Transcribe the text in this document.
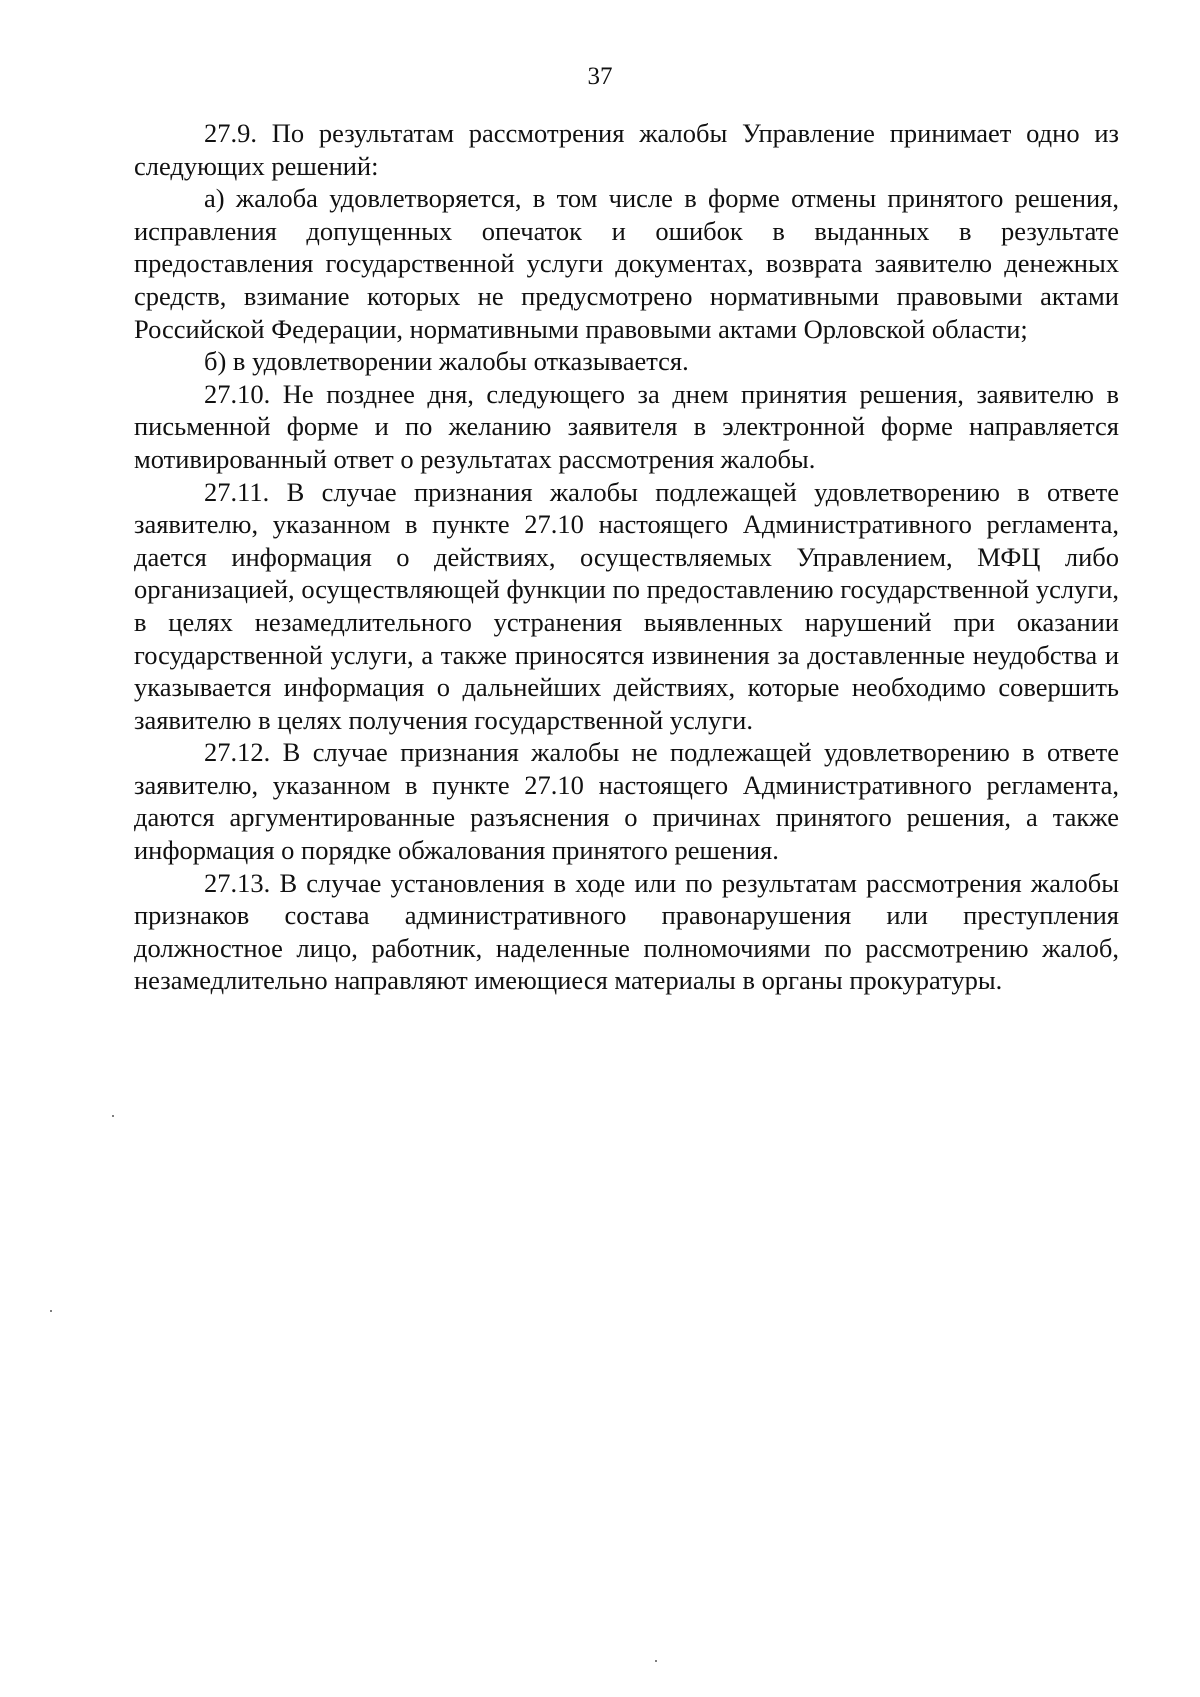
37

27.9. По результатам рассмотрения жалобы Управление принимает одно из следующих решений:

а) жалоба удовлетворяется, в том числе в форме отмены принятого решения, исправления допущенных опечаток и ошибок в выданных в результате предоставления государственной услуги документах, возврата заявителю денежных средств, взимание которых не предусмотрено нормативными правовыми актами Российской Федерации, нормативными правовыми актами Орловской области;

б) в удовлетворении жалобы отказывается.

27.10. Не позднее дня, следующего за днем принятия решения, заявителю в письменной форме и по желанию заявителя в электронной форме направляется мотивированный ответ о результатах рассмотрения жалобы.

27.11. В случае признания жалобы подлежащей удовлетворению в ответе заявителю, указанном в пункте 27.10 настоящего Административного регламента, дается информация о действиях, осуществляемых Управлением, МФЦ либо организацией, осуществляющей функции по предоставлению государственной услуги, в целях незамедлительного устранения выявленных нарушений при оказании государственной услуги, а также приносятся извинения за доставленные неудобства и указывается информация о дальнейших действиях, которые необходимо совершить заявителю в целях получения государственной услуги.

27.12. В случае признания жалобы не подлежащей удовлетворению в ответе заявителю, указанном в пункте 27.10 настоящего Административного регламента, даются аргументированные разъяснения о причинах принятого решения, а также информация о порядке обжалования принятого решения.

27.13. В случае установления в ходе или по результатам рассмотрения жалобы признаков состава административного правонарушения или преступления должностное лицо, работник, наделенные полномочиями по рассмотрению жалоб, незамедлительно направляют имеющиеся материалы в органы прокуратуры.
